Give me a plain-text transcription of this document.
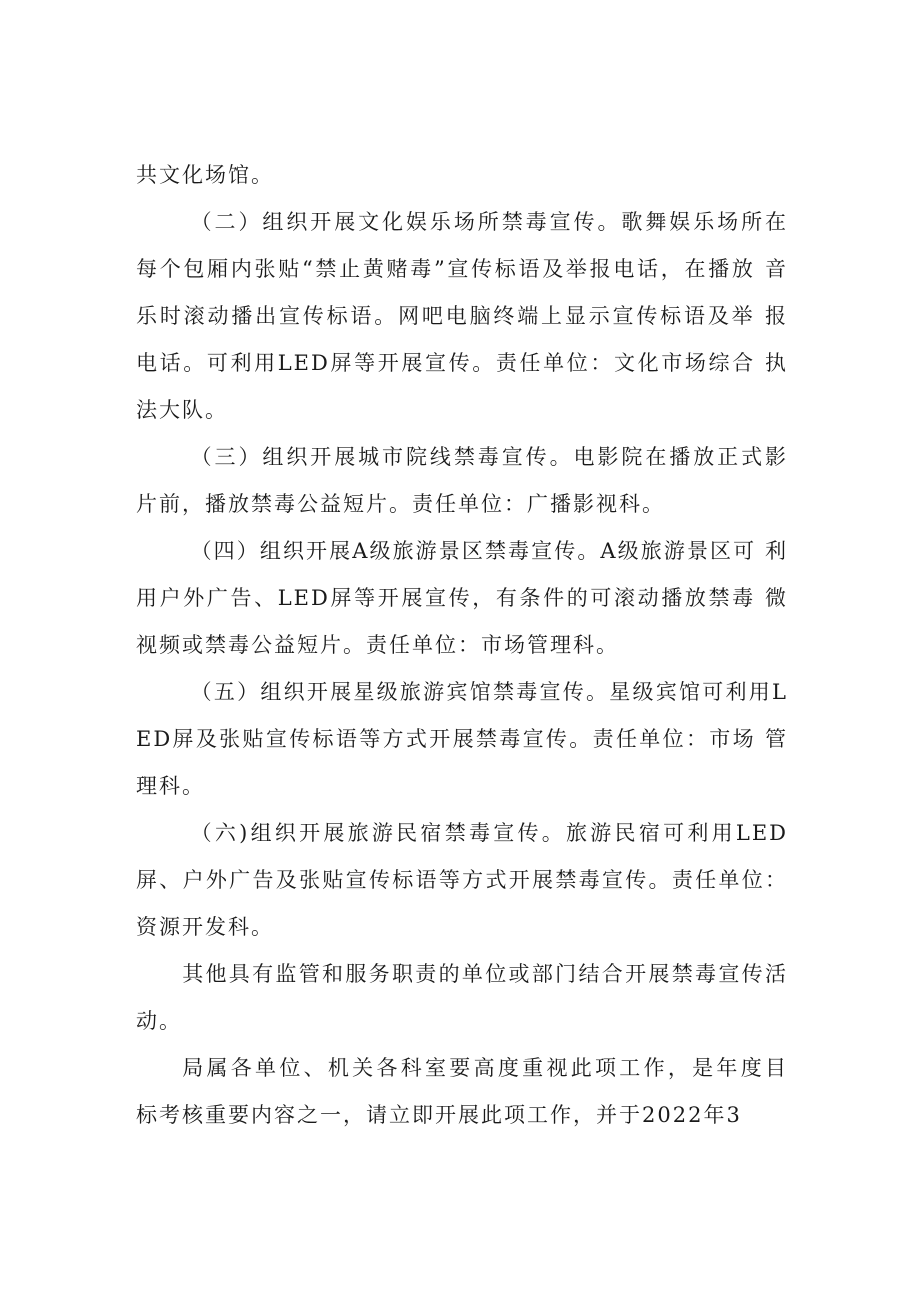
共文化场馆。

（二）组织开展文化娱乐场所禁毒宣传。歌舞娱乐场所在每个包厢内张贴“禁止黄赌毒”宣传标语及举报电话，在播放 音乐时滚动播出宣传标语。网吧电脑终端上显示宣传标语及举 报电话。可利用LED屏等开展宣传。责任单位：文化市场综合 执法大队。

（三）组织开展城市院线禁毒宣传。电影院在播放正式影片前，播放禁毒公益短片。责任单位：广播影视科。

（四）组织开展A级旅游景区禁毒宣传。A级旅游景区可 利用户外广告、LED屏等开展宣传，有条件的可滚动播放禁毒 微视频或禁毒公益短片。责任单位：市场管理科。

（五）组织开展星级旅游宾馆禁毒宣传。星级宾馆可利用LED屏及张贴宣传标语等方式开展禁毒宣传。责任单位：市场 管理科。

（六)组织开展旅游民宿禁毒宣传。旅游民宿可利用LED 屏、户外广告及张贴宣传标语等方式开展禁毒宣传。责任单位： 资源开发科。

其他具有监管和服务职责的单位或部门结合开展禁毒宣传活动。

局属各单位、机关各科室要高度重视此项工作，是年度目 标考核重要内容之一，请立即开展此项工作，并于2022年3
